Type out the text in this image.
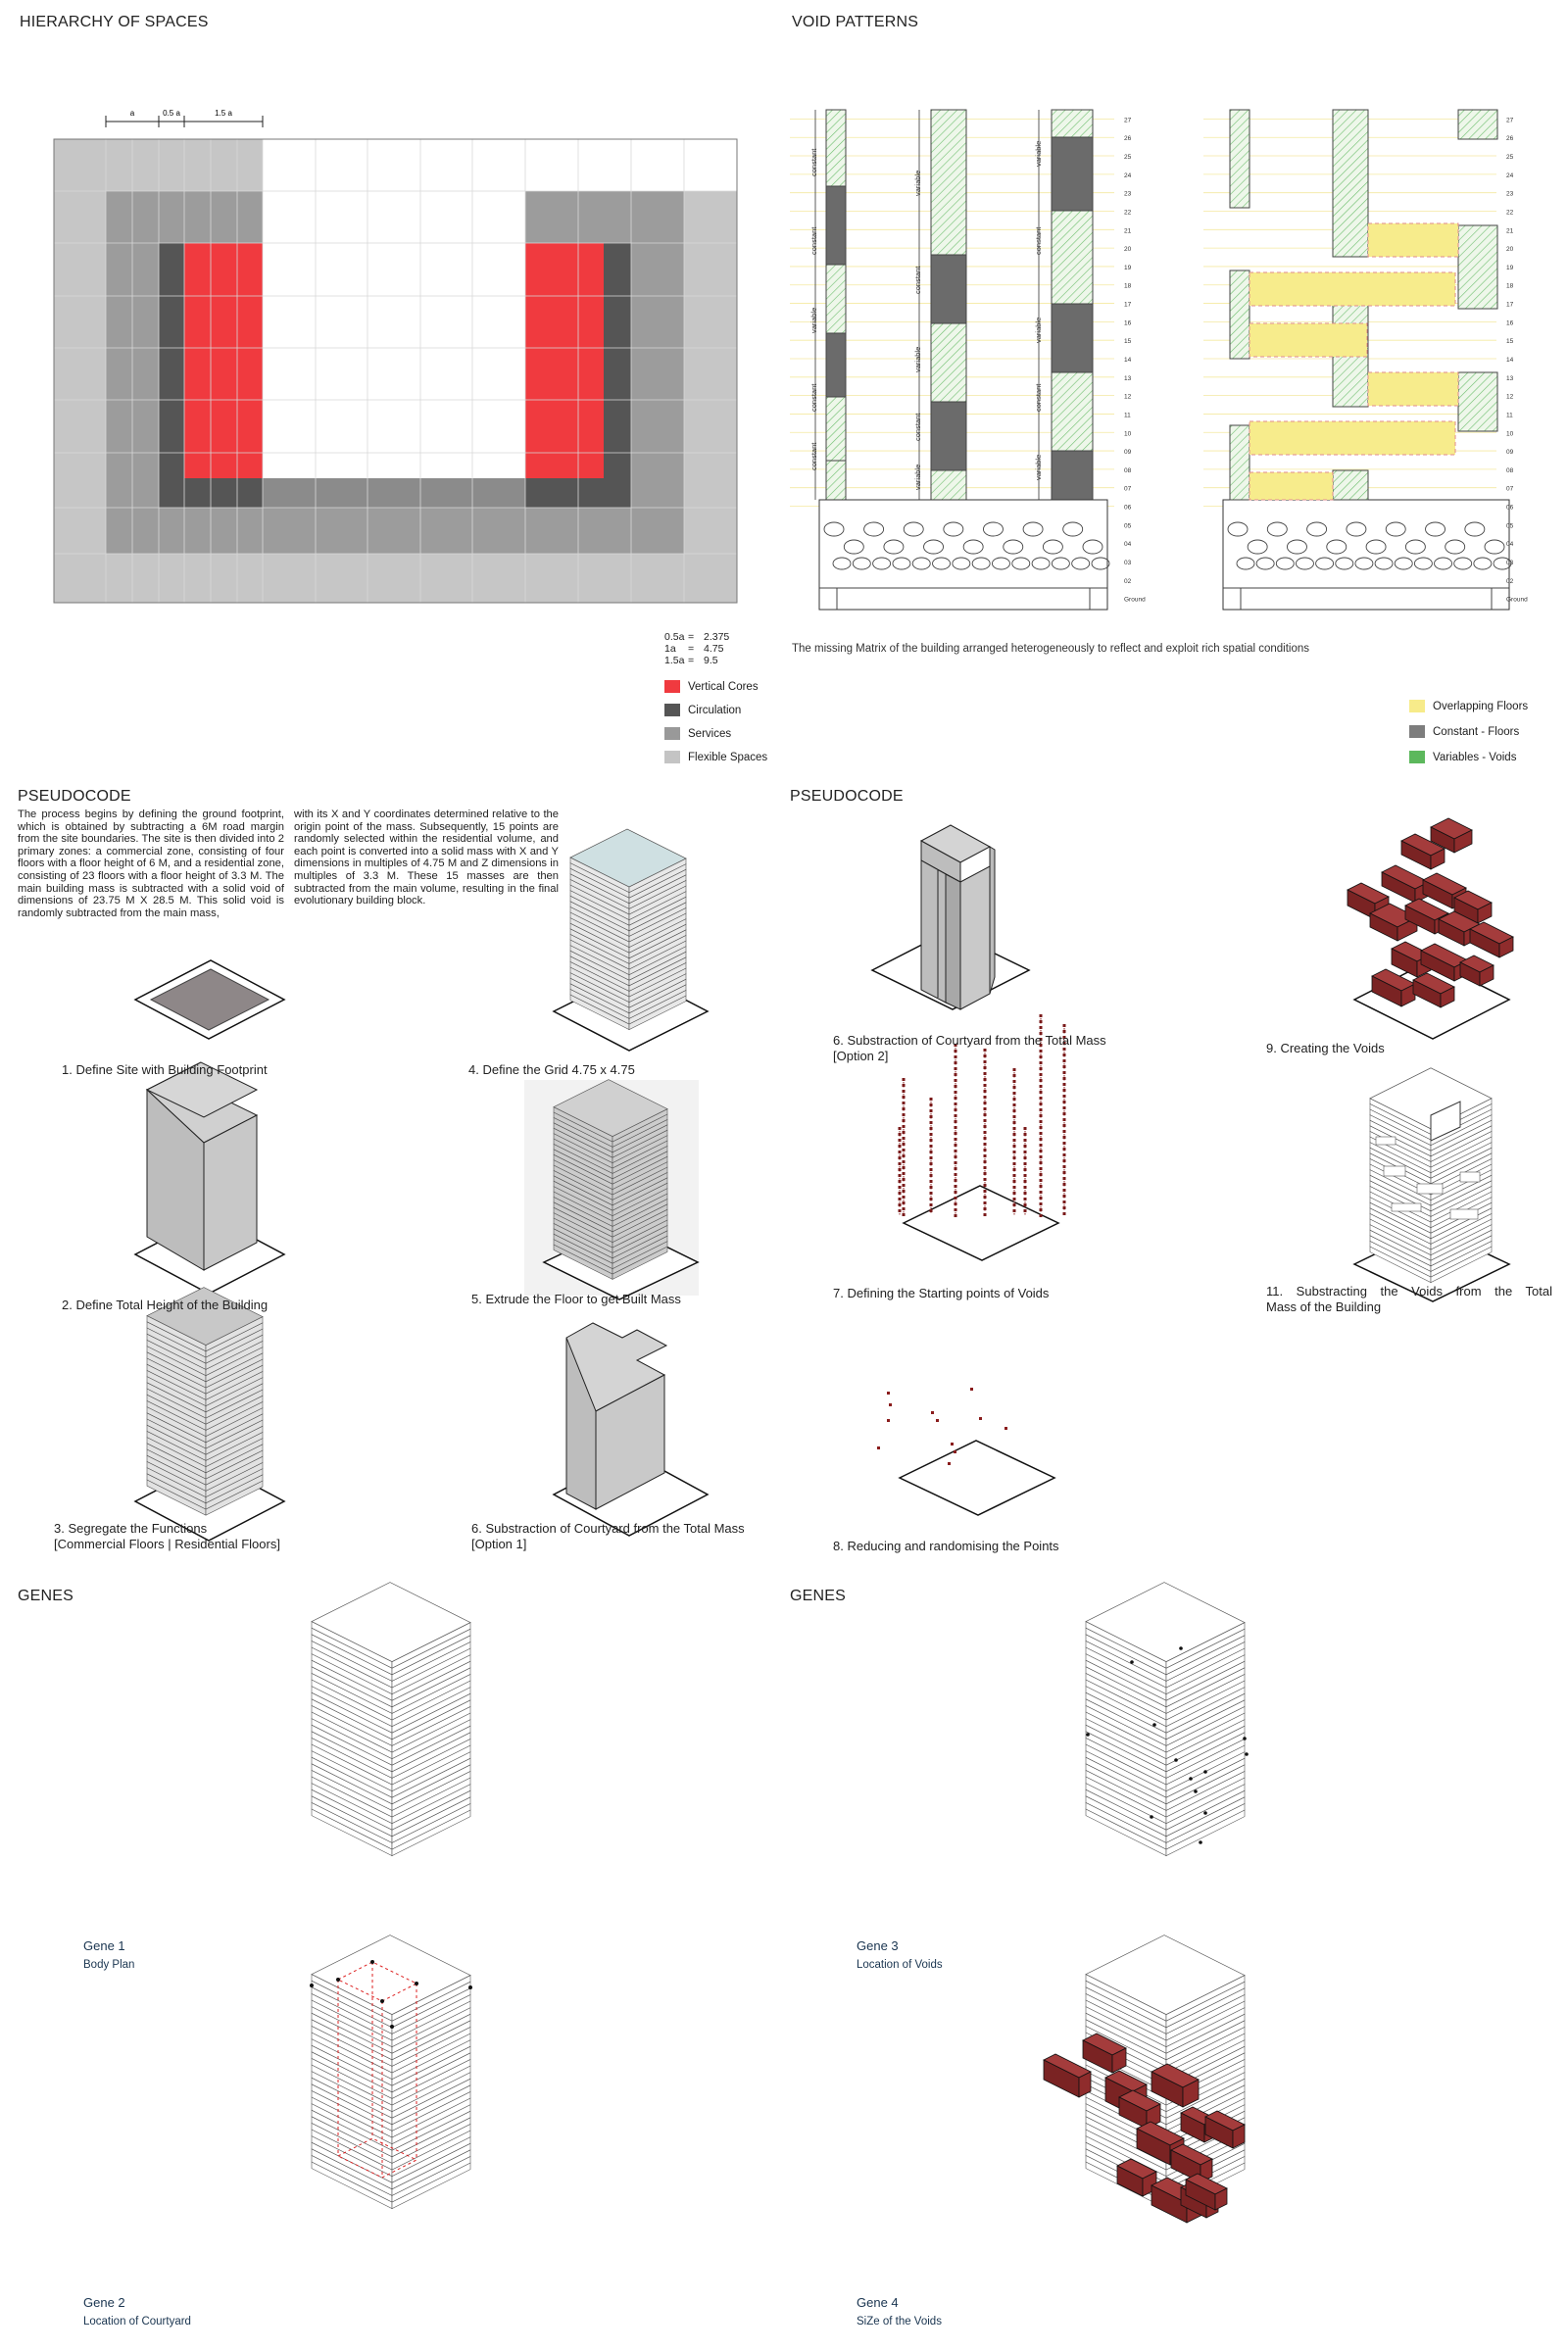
HIERARCHY OF SPACES	VOID PATTERNS
PSEUDOCODE	PSEUDOCODE
GENES	GENES
a	0.5 a	1.5 a
0.5a = 2.375
1a	= 4.75
1.5a = 9.5
Vertical Cores
Circulation
Services
Flexible Spaces
27
26
25
24
23
22
21
20
19
18
17
16
15
14
13
12
11
10
09
08
07
06
05
04
03
02
Ground
27
26
25
24
23
22
21
20
19
18
17
16
15
14
13
12
11
10
09
08
07
06
05
04
03
02
Ground
constant
constant
variable
constant
constant
variable
constant
variable
constant
variable
variable
constant
variable
constant
variable
The missing Matrix of the building arranged heterogeneously to reflect and exploit rich spatial conditions
Overlapping Floors
Constant - Floors
Variables - Voids
The process begins by defining the ground footprint, which is obtained by subtracting a 6M road margin from the site boundaries. The site is then divided into 2 primary zones: a commercial zone, consisting of four floors with a floor height of 6 M, and a residential zone, consisting of 23 floors with a floor height of 3.3 M. The main building mass is subtracted with a solid void of dimensions of 23.75 M X 28.5 M. This solid void is randomly subtracted from the main mass,
with its X and Y coordinates determined relative to the origin point of the mass. Subsequently, 15 points are randomly selected within the residential volume, and each point is converted into a solid mass with X and Y dimensions in multiples of 4.75 M and Z dimensions in multiples of 3.3 M. These 15 masses are then subtracted from the main volume, resulting in the final evolutionary building block.
1. Define Site with Building Footprint
2. Define Total Height of the Building
3. Segregate the Functions
[Commercial Floors | Residential Floors]
4. Define the Grid 4.75 x 4.75
5. Extrude the Floor to get Built Mass
6. Substraction of Courtyard from the Total Mass
[Option 1]
6. Substraction of Courtyard from the Total Mass
[Option 2]
9. Creating the Voids
7. Defining the Starting points of Voids	11. Substracting the Voids from the Total
Mass of the Building
8. Reducing and randomising the Points
Gene 1
Body Plan
Gene 2
Location of Courtyard
Gene 3
Location of Voids
Gene 4
SiZe of the Voids
